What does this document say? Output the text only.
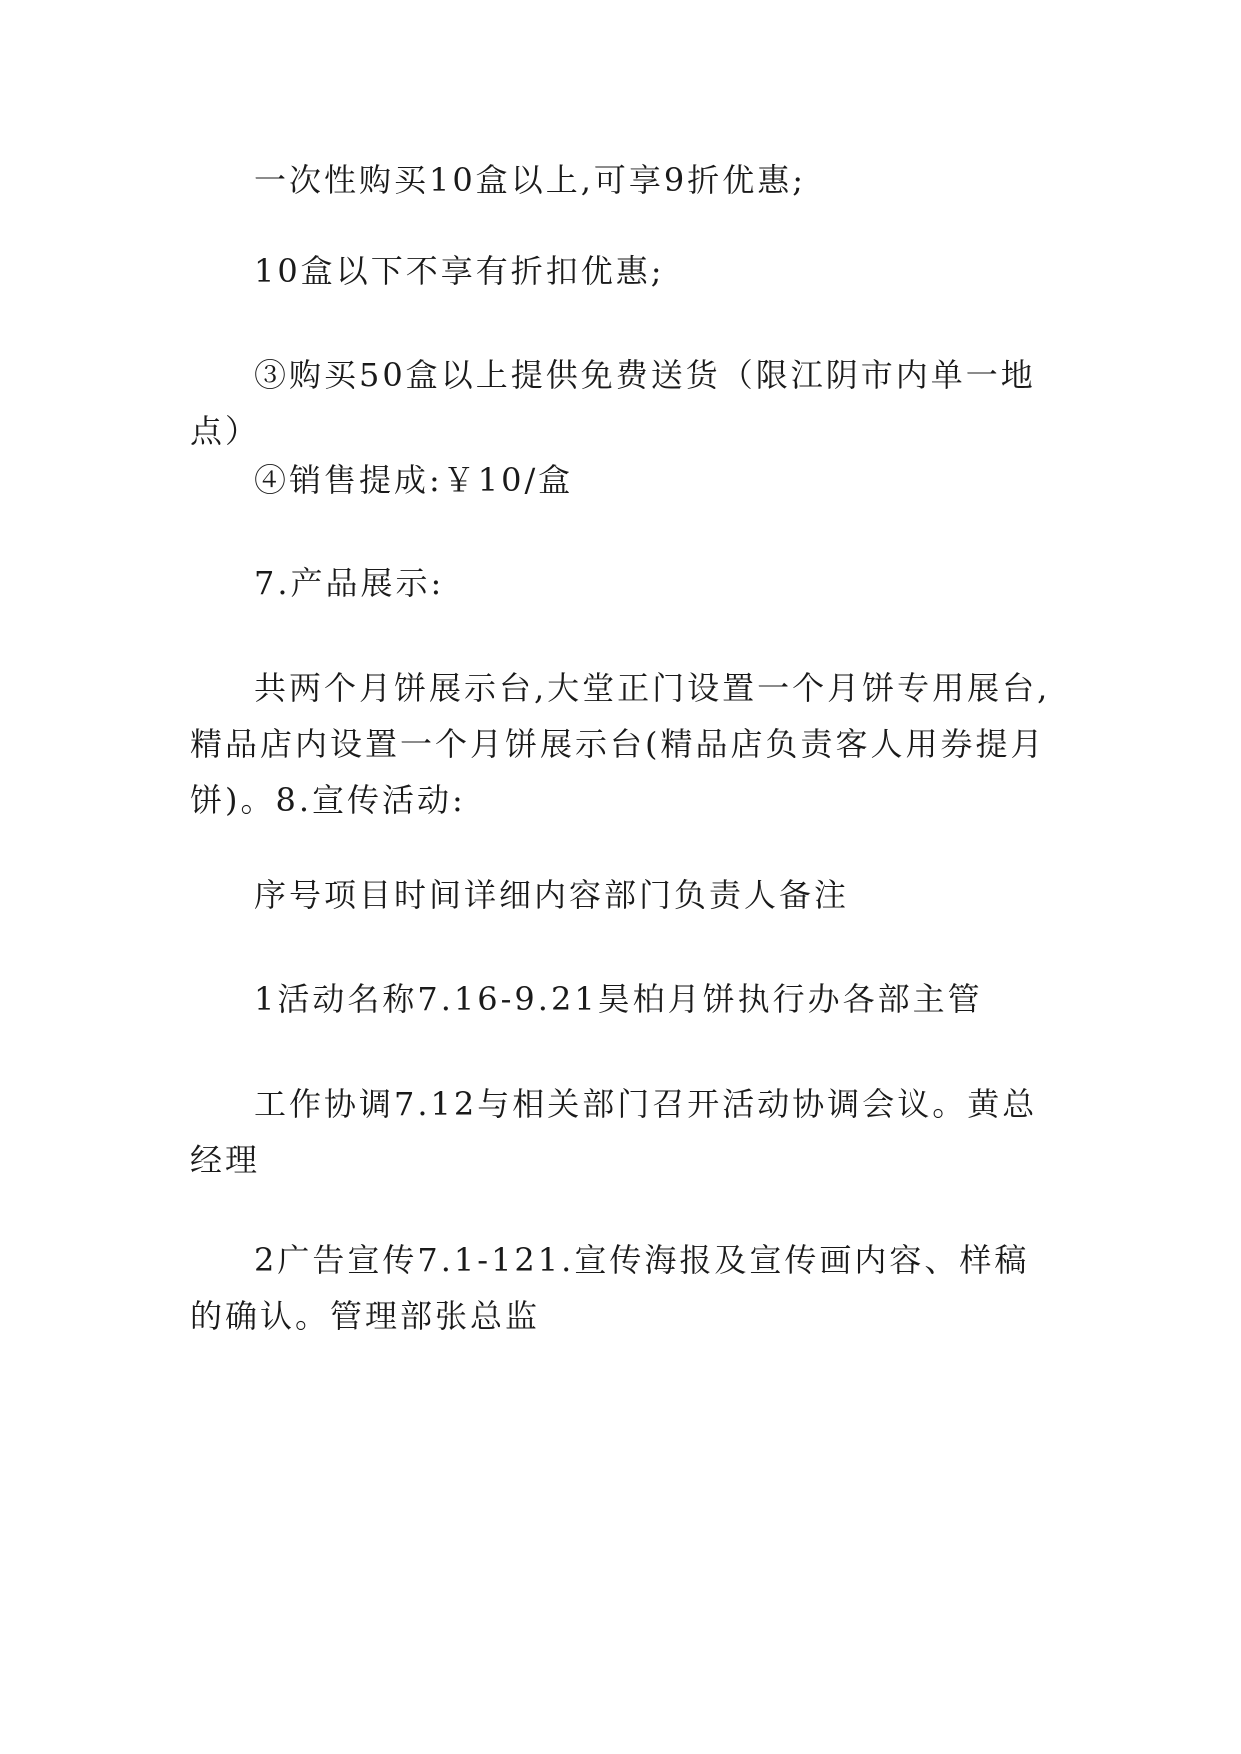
一次性购买10盒以上,可享9折优惠;

10盒以下不享有折扣优惠;

③购买50盒以上提供免费送货（限江阴市内单一地点）

④销售提成:￥10/盒

7.产品展示:

共两个月饼展示台,大堂正门设置一个月饼专用展台,精品店内设置一个月饼展示台(精品店负责客人用券提月饼)。8.宣传活动:

序号项目时间详细内容部门负责人备注

1活动名称7.16-9.21昊柏月饼执行办各部主管

工作协调7.12与相关部门召开活动协调会议。黄总经理

2广告宣传7.1-121.宣传海报及宣传画内容、样稿的确认。管理部张总监
